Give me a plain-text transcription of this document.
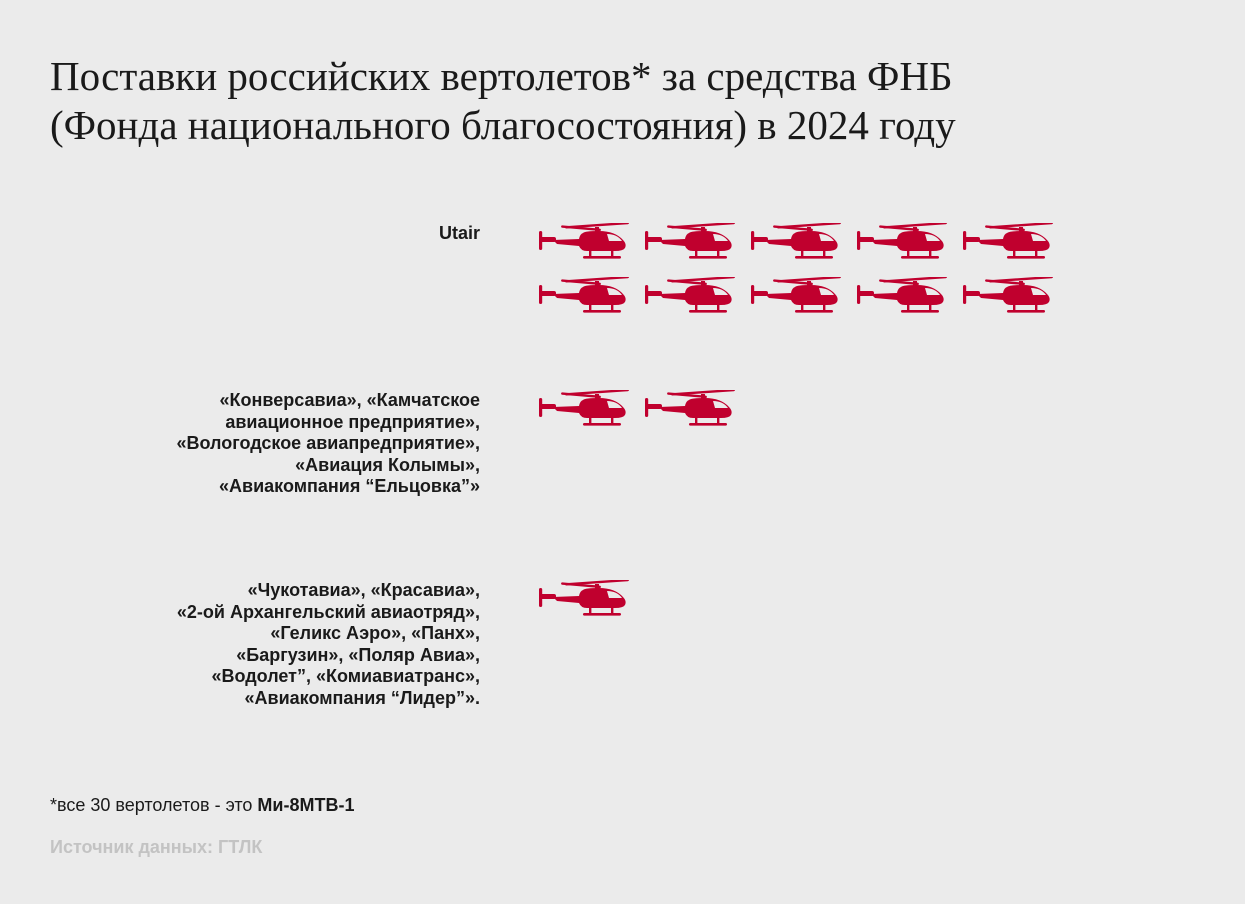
Поставки российских вертолетов* за средства ФНБ
(Фонда национального благосостояния) в 2024 году
Utair
«Конверсавиа», «Камчатское
авиационное предприятие»,
«Вологодское авиапредприятие»,
«Авиация Колымы»,
«Авиакомпания “Ельцовка”»
«Чукотавиа», «Красавиа»,
«2-ой Архангельский авиаотряд»,
«Геликс Аэро», «Панх»,
«Баргузин», «Поляр Авиа»,
«Водолет”, «Комиавиатранс»,
«Авиакомпания “Лидер”».
*все 30 вертолетов - это Ми-8МТВ-1
Источник данных: ГТЛК
